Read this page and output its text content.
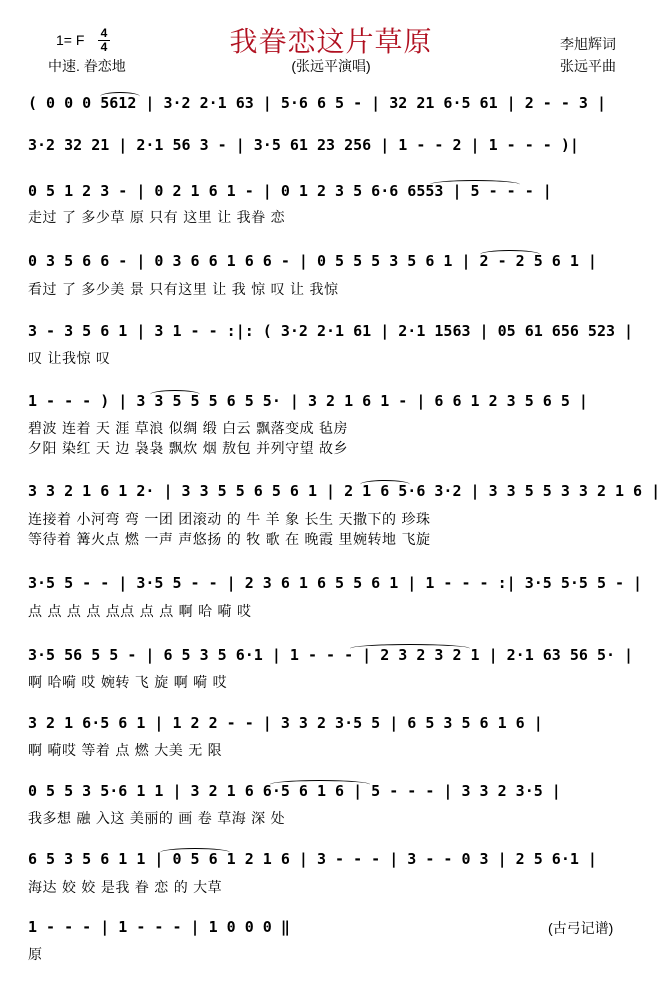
我眷恋这片草原
1= F 4
4
中速. 眷恋地	(张远平演唱)
李旭辉词
张远平曲
( 0 0 0 5612 | 3·2 2·1 63 | 5·6 6 5 - | 32 21 6·5 61 | 2 - - 3 |
3·2 32 21 | 2·1 56 3 - | 3·5 61 23 256 | 1 - - 2 | 1 - - - )|
0 5 1 2 3 - | 0 2 1 6 1 - | 0 1 2 3 5 6·6 6553 | 5 - - - |
走过 了 多少草 原 只有 这里 让 我眷 恋
0 3 5 6 6 - | 0 3 6 6 1 6 6 - | 0 5 5 5 3 5 6 1 | 2 - 2 5 6 1 |
看过 了 多少美 景 只有这里 让 我 惊 叹 让 我惊
3 - 3 5 6 1 | 3 1 - - :|: ( 3·2 2·1 61 | 2·1 1563 | 05 61 656 523 |
叹 让我惊 叹
1 - - - ) | 3 3 5 5 5 6 5 5· | 3 2 1 6 1 - | 6 6 1 2 3 5 6 5 |
碧波 连着 天 涯 草浪 似绸 缎 白云 飘落变成 毡房
夕阳 染红 天 边 袅袅 飘炊 烟 敖包 并列守望 故乡
3 3 2 1 6 1 2· | 3 3 5 5 6 5 6 1 | 2 1 6 5·6 3·2 | 3 3 5 5 3 3 2 1 6 |
连接着 小河弯 弯 一团 团滚动 的 牛 羊 象 长生 天撒下的 珍珠
等待着 篝火点 燃 一声 声悠扬 的 牧 歌 在 晚霞 里婉转地 飞旋
3·5 5 - - | 3·5 5 - - | 2 3 6 1 6 5 5 6 1 | 1 - - - :| 3·5 5·5 5 - |
点 点 点 点 点点 点 点 啊 哈 嗬 哎
3·5 56 5 5 - | 6 5 3 5 6·1 | 1 - - - | 2 3 2 3 2 1 | 2·1 63 56 5· |
啊 哈嗬 哎 婉转 飞 旋 啊 嗬 哎
3 2 1 6·5 6 1 | 1 2 2 - - | 3 3 2 3·5 5 | 6 5 3 5 6 1 6 |
啊 嗬哎 等着 点 燃 大美 无 限
0 5 5 3 5·6 1 1 | 3 2 1 6 6·5 6 1 6 | 5 - - - | 3 3 2 3·5 |
我多想 融 入这 美丽的 画 卷 草海 深 处
6 5 3 5 6 1 1 | 0 5 6 1 2 1 6 | 3 - - - | 3 - - 0 3 | 2 5 6·1 |
海达 姣 姣 是我 眷 恋 的 大草
1 - - - | 1 - - - | 1 0 0 0 ‖
原
(古弓记谱)
